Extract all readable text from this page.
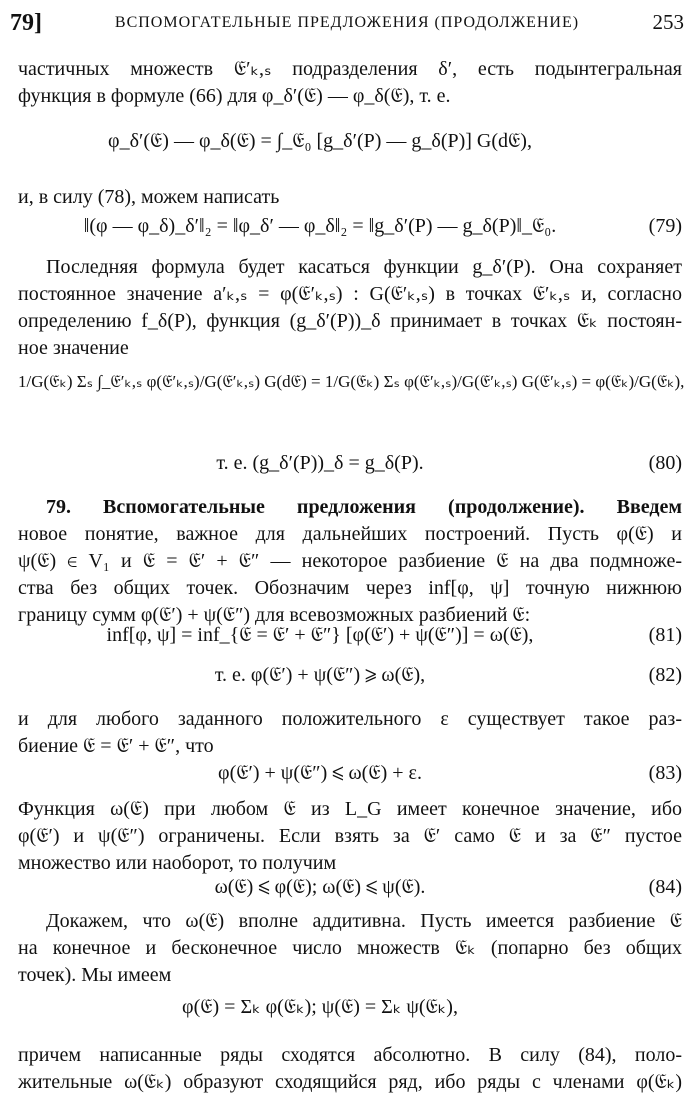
79]	ВСПОМОГАТЕЛЬНЫЕ ПРЕДЛОЖЕНИЯ (ПРОДОЛЖЕНИЕ)	253
частичных множеств 𝔈′ₖ,ₛ подразделения δ′, есть подынтегральная
функция в формуле (66) для φ_δ′(𝔈) — φ_δ(𝔈), т. е.
φ_δ′(𝔈) — φ_δ(𝔈) = ∫_𝔈₀ [g_δ′(P) — g_δ(P)] G(d𝔈),
и, в силу (78), можем написать
‖(φ — φ_δ)_δ′‖₂ = ‖φ_δ′ — φ_δ‖₂ = ‖g_δ′(P) — g_δ(P)‖_𝔈₀.	(79)
Последняя формула будет касаться функции g_δ′(P). Она сохраняет
постоянное значение a′ₖ,ₛ = φ(𝔈′ₖ,ₛ) : G(𝔈′ₖ,ₛ) в точках 𝔈′ₖ,ₛ и, согласно
определению f_δ(P), функция (g_δ′(P))_δ принимает в точках 𝔈ₖ постоян-
ное значение
1/G(𝔈ₖ) Σₛ ∫_𝔈′ₖ,ₛ φ(𝔈′ₖ,ₛ)/G(𝔈′ₖ,ₛ) G(d𝔈) = 1/G(𝔈ₖ) Σₛ φ(𝔈′ₖ,ₛ)/G(𝔈′ₖ,ₛ) G(𝔈′ₖ,ₛ) = φ(𝔈ₖ)/G(𝔈ₖ),
т. е. (g_δ′(P))_δ = g_δ(P).	(80)
79. Вспомогательные предложения (продолжение). Введем
новое понятие, важное для дальнейших построений. Пусть φ(𝔈) и
ψ(𝔈) ∈ V₁ и 𝔈 = 𝔈′ + 𝔈″ — некоторое разбиение 𝔈 на два подмноже-
ства без общих точек. Обозначим через inf[φ, ψ] точную нижнюю
границу сумм φ(𝔈′) + ψ(𝔈″) для всевозможных разбиений 𝔈:
inf[φ, ψ] = inf_{𝔈 = 𝔈′ + 𝔈″} [φ(𝔈′) + ψ(𝔈″)] = ω(𝔈),	(81)
т. е. φ(𝔈′) + ψ(𝔈″) ⩾ ω(𝔈),	(82)
и для любого заданного положительного ε существует такое раз-
биение 𝔈 = 𝔈′ + 𝔈″, что
φ(𝔈′) + ψ(𝔈″) ⩽ ω(𝔈) + ε.	(83)
Функция ω(𝔈) при любом 𝔈 из L_G имеет конечное значение, ибо
φ(𝔈′) и ψ(𝔈″) ограничены. Если взять за 𝔈′ само 𝔈 и за 𝔈″ пустое
множество или наоборот, то получим
ω(𝔈) ⩽ φ(𝔈); ω(𝔈) ⩽ ψ(𝔈).	(84)
Докажем, что ω(𝔈) вполне аддитивна. Пусть имеется разбиение 𝔈
на конечное и бесконечное число множеств 𝔈ₖ (попарно без общих
точек). Мы имеем
φ(𝔈) = Σₖ φ(𝔈ₖ); ψ(𝔈) = Σₖ ψ(𝔈ₖ),
причем написанные ряды сходятся абсолютно. В силу (84), поло-
жительные ω(𝔈ₖ) образуют сходящийся ряд, ибо ряды с членами φ(𝔈ₖ)
